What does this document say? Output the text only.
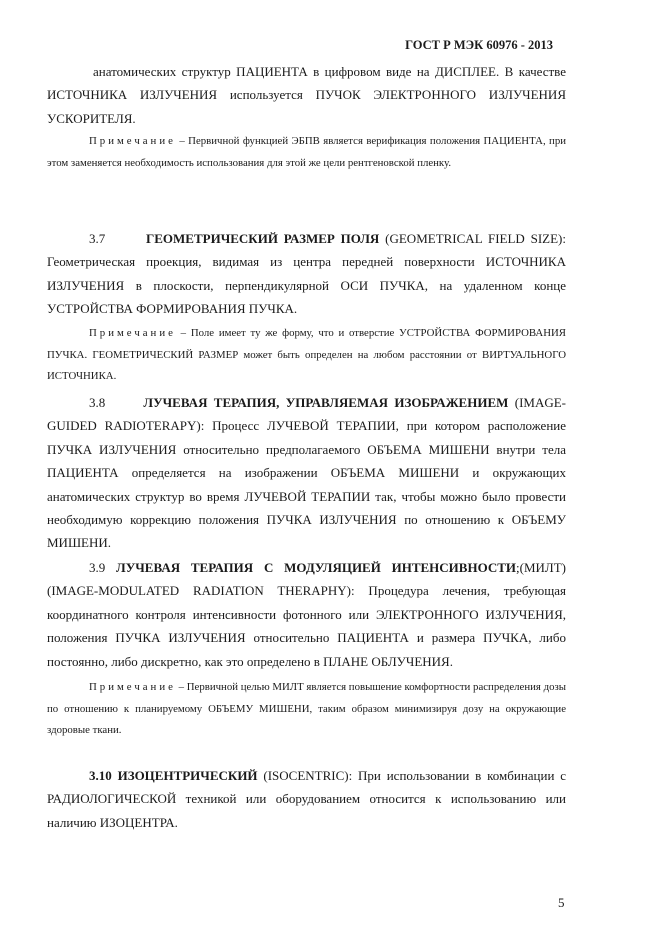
ГОСТ Р МЭК 60976 - 2013

анатомических структур ПАЦИЕНТА в цифровом виде на ДИСПЛЕЕ. В качестве ИСТОЧНИКА ИЗЛУЧЕНИЯ используется ПУЧОК ЭЛЕКТРОННОГО ИЗЛУЧЕНИЯ УСКОРИТЕЛЯ.

Примечание – Первичной функцией ЭБПВ является верификация положения ПАЦИЕНТА, при этом заменяется необходимость использования для этой же цели рентгеновской пленку.

3.7	ГЕОМЕТРИЧЕСКИЙ РАЗМЕР ПОЛЯ (GEOMETRICAL FIELD SIZE): Геометрическая проекция, видимая из центра передней поверхности ИСТОЧНИКА ИЗЛУЧЕНИЯ в плоскости, перпендикулярной ОСИ ПУЧКА, на удаленном конце УСТРОЙСТВА ФОРМИРОВАНИЯ ПУЧКА.

Примечание – Поле имеет ту же форму, что и отверстие УСТРОЙСТВА ФОРМИРОВАНИЯ ПУЧКА. ГЕОМЕТРИЧЕСКИЙ РАЗМЕР может быть определен на любом расстоянии от ВИРТУАЛЬНОГО ИСТОЧНИКА.

3.8	ЛУЧЕВАЯ ТЕРАПИЯ, УПРАВЛЯЕМАЯ ИЗОБРАЖЕНИЕМ (IMAGE-GUIDED RADIOTERAPY): Процесс ЛУЧЕВОЙ ТЕРАПИИ, при котором расположение ПУЧКА ИЗЛУЧЕНИЯ относительно предполагаемого ОБЪЕМА МИШЕНИ внутри тела ПАЦИЕНТА определяется на изображении ОБЪЕМА МИШЕНИ и окружающих анатомических структур во время ЛУЧЕВОЙ ТЕРАПИИ так, чтобы можно было провести необходимую коррекцию положения ПУЧКА ИЗЛУЧЕНИЯ по отношению к ОБЪЕМУ МИШЕНИ.

3.9 ЛУЧЕВАЯ ТЕРАПИЯ С МОДУЛЯЦИЕЙ ИНТЕНСИВНОСТИ;(МИЛТ) (IMAGE-MODULATED RADIATION THERAPHY): Процедура лечения, требующая координатного контроля интенсивности фотонного или ЭЛЕКТРОННОГО ИЗЛУЧЕНИЯ, положения ПУЧКА ИЗЛУЧЕНИЯ относительно ПАЦИЕНТА и размера ПУЧКА, либо постоянно, либо дискретно, как это определено в ПЛАНЕ ОБЛУЧЕНИЯ.

Примечание – Первичной целью МИЛТ является повышение комфортности распределения дозы по отношению к планируемому ОБЪЕМУ МИШЕНИ, таким образом минимизируя дозу на окружающие здоровые ткани.

3.10 ИЗОЦЕНТРИЧЕСКИЙ (ISOCENTRIC): При использовании в комбинации с РАДИОЛОГИЧЕСКОЙ техникой или оборудованием относится к использованию или наличию ИЗОЦЕНТРА.

5
